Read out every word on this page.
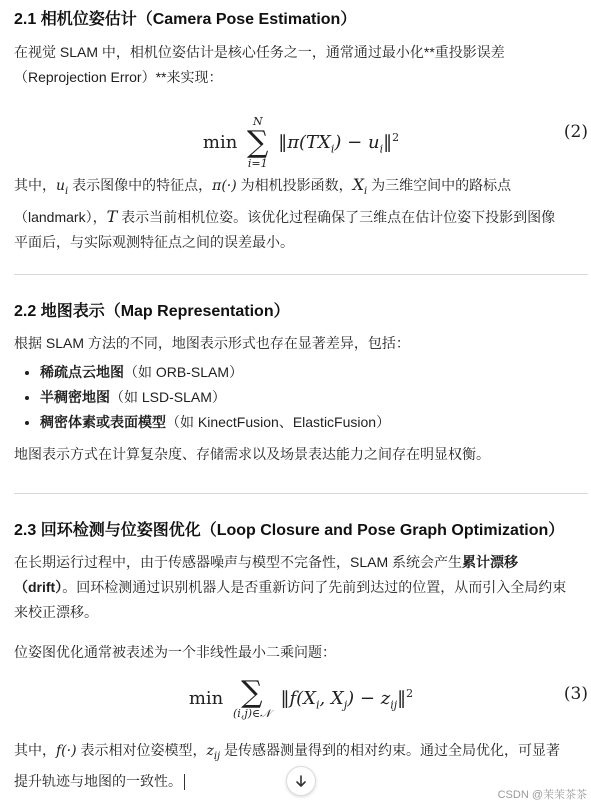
2.1 相机位姿估计（Camera Pose Estimation）

在视觉 SLAM 中，相机位姿估计是核心任务之一，通常通过最小化**重投影误差
（Reprojection Error）**来实现：

min
N
∑
i=1
$‖\pi(TX_i)$ − $u_i‖^2$	(2)

其中，$u_i$ 表示图像中的特征点，π(·) 为相机投影函数，$X_i$ 为三维空间中的路标点
（landmark），T 表示当前相机位姿。该优化过程确保了三维点在估计位姿下投影到图像
平面后，与实际观测特征点之间的误差最小。

2.2 地图表示（Map Representation）

根据 SLAM 方法的不同，地图表示形式也存在显著差异，包括：

• 稀疏点云地图（如 ORB-SLAM）
• 半稠密地图（如 LSD-SLAM）
• 稠密体素或表面模型（如 KinectFusion、ElasticFusion）

地图表示方式在计算复杂度、存储需求以及场景表达能力之间存在明显权衡。

2.3 回环检测与位姿图优化（Loop Closure and Pose Graph Optimization）

在长期运行过程中，由于传感器噪声与模型不完备性，SLAM 系统会产生累计漂移
（drift）。回环检测通过识别机器人是否重新访问了先前到达过的位置，从而引入全局约束
来校正漂移。

位姿图优化通常被表述为一个非线性最小二乘问题：

min ∑
(i,j)∈𝒩
$‖f(X_i$, $X_j$) − $z_{ij}‖^2$	(3)

其中，f(·) 表示相对位姿模型，$z_{ij}$ 是传感器测量得到的相对约束。通过全局优化，可显著
提升轨迹与地图的一致性。

CSDN @茉茉茶茶
